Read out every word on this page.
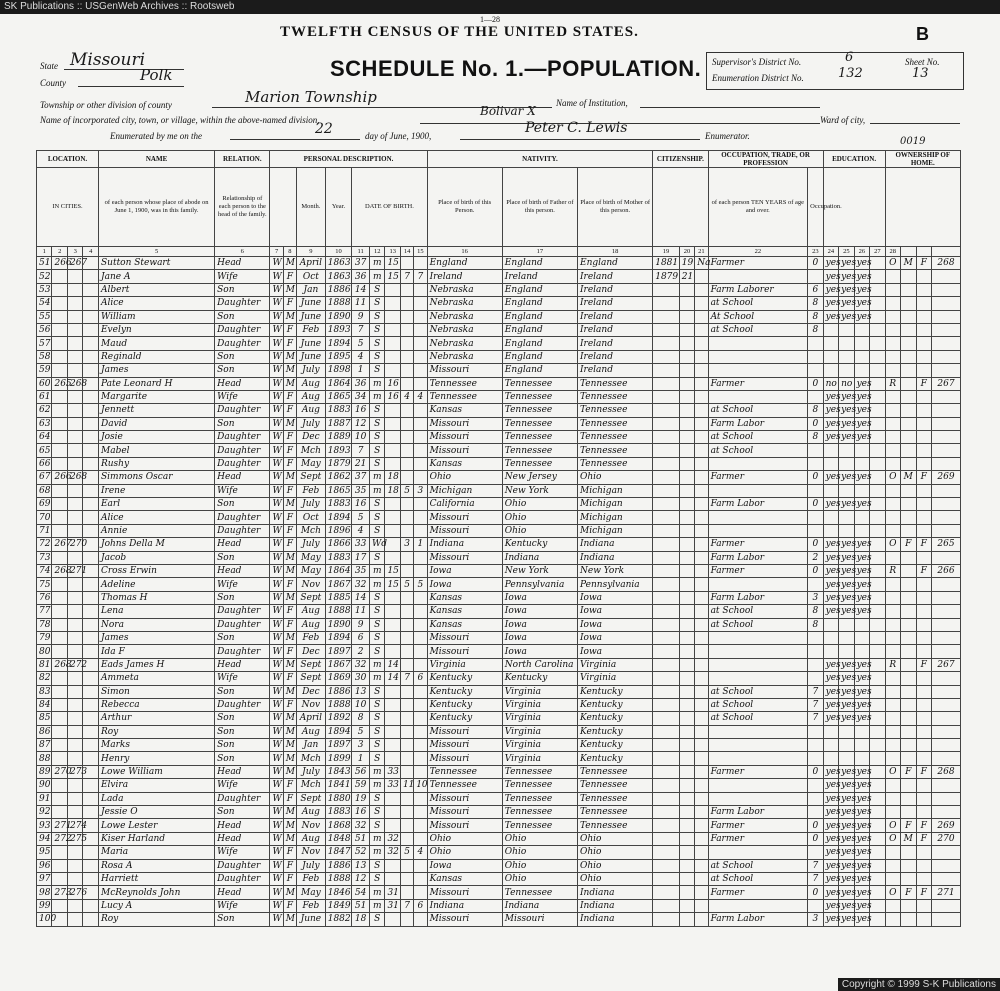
SK Publications :: USGenWeb Archives :: Rootsweb
1—28
TWELFTH CENSUS OF THE UNITED STATES.	B
SCHEDULE No. 1.—POPULATION.
State Missouri
County	Polk
Township or other division of county	Marion Township
Name of incorporated city, town, or village, within the above-named division,
Bolivar X
Name of Institution,
Ward of city,
Enumerated by me on the	22	day of June, 1900,	Peter C. Lewis	Enumerator.	0019
Supervisor's District No.	6
Enumeration District No.	132
Sheet No.
13
LOCATION.				NAME	RELATION.	PERSONAL DESCRIPTION.									NATIVITY.			CITIZENSHIP.			OCCUPATION, TRADE, OR PROFESSION		EDUCATION.				OWNERSHIP OF HOME.			
IN CITIES.				of each person whose place of abode on June 1, 1900, was in this family.	Relationship of each person to the head of the family.			Month.	Year.	DATE OF BIRTH.					Place of birth of this Person.	Place of birth of Father of this person.	Place of birth of Mother of this person.				of each person TEN YEARS of age and over.	Occupation.								
1	2	3	4	5	6	7	8	9	10	11	12	13	14	15	16	17	18	19	20	21	22	23	24	25	26	27	28			
51	266	267		Sutton Stewart	Head	W	M	April	1863	37	m	15			England	England	England	1881	19	Na	Farmer	0	yes	yes	yes		O	M	F	268
52				Jane A	Wife	W	F	Oct	1863	36	m	15	7	7	Ireland	Ireland	Ireland	1879	21				yes	yes	yes					
53				Albert	Son	W	M	Jan	1886	14	S				Nebraska	England	Ireland				Farm Laborer	6	yes	yes	yes					
54				Alice	Daughter	W	F	June	1888	11	S				Nebraska	England	Ireland				at School	8	yes	yes	yes					
55				William	Son	W	M	June	1890	9	S				Nebraska	England	Ireland				At School	8	yes	yes	yes					
56				Evelyn	Daughter	W	F	Feb	1893	7	S				Nebraska	England	Ireland				at School	8								
57				Maud	Daughter	W	F	June	1894	5	S				Nebraska	England	Ireland													
58				Reginald	Son	W	M	June	1895	4	S				Nebraska	England	Ireland													
59				James	Son	W	M	July	1898	1	S				Missouri	England	Ireland													
60	265	268		Pate Leonard H	Head	W	M	Aug	1864	36	m	16			Tennessee	Tennessee	Tennessee				Farmer	0	no	no	yes		R		F	267
61				Margarite	Wife	W	F	Aug	1865	34	m	16	4	4	Tennessee	Tennessee	Tennessee						yes	yes	yes					
62				Jennett	Daughter	W	F	Aug	1883	16	S				Kansas	Tennessee	Tennessee				at School	8	yes	yes	yes					
63				David	Son	W	M	July	1887	12	S				Missouri	Tennessee	Tennessee				Farm Labor	0	yes	yes	yes					
64				Josie	Daughter	W	F	Dec	1889	10	S				Missouri	Tennessee	Tennessee				at School	8	yes	yes	yes					
65				Mabel	Daughter	W	F	Mch	1893	7	S				Missouri	Tennessee	Tennessee				at School									
66				Rushy	Daughter	W	F	May	1879	21	S				Kansas	Tennessee	Tennessee													
67	266	268		Simmons Oscar	Head	W	M	Sept	1862	37	m	18			Ohio	New Jersey	Ohio				Farmer	0	yes	yes	yes		O	M	F	269
68				Irene	Wife	W	F	Feb	1865	35	m	18	5	3	Michigan	New York	Michigan													
69				Earl	Son	W	M	July	1883	16	S				California	Ohio	Michigan				Farm Labor	0	yes	yes	yes					
70				Alice	Daughter	W	F	Oct	1894	5	S				Missouri	Ohio	Michigan													
71				Annie	Daughter	W	F	Mch	1896	4	S				Missouri	Ohio	Michigan													
72	267	270		Johns Della M	Head	W	F	July	1866	33	Wd		3	1	Indiana	Kentucky	Indiana				Farmer	0	yes	yes	yes		O	F	F	265
73				Jacob	Son	W	M	May	1883	17	S				Missouri	Indiana	Indiana				Farm Labor	2	yes	yes	yes					
74	268	271		Cross Erwin	Head	W	M	May	1864	35	m	15			Iowa	New York	New York				Farmer	0	yes	yes	yes		R		F	266
75				Adeline	Wife	W	F	Nov	1867	32	m	15	5	5	Iowa	Pennsylvania	Pennsylvania						yes	yes	yes					
76				Thomas H	Son	W	M	Sept	1885	14	S				Kansas	Iowa	Iowa				Farm Labor	3	yes	yes	yes					
77				Lena	Daughter	W	F	Aug	1888	11	S				Kansas	Iowa	Iowa				at School	8	yes	yes	yes					
78				Nora	Daughter	W	F	Aug	1890	9	S				Kansas	Iowa	Iowa				at School	8								
79				James	Son	W	M	Feb	1894	6	S				Missouri	Iowa	Iowa													
80				Ida F	Daughter	W	F	Dec	1897	2	S				Missouri	Iowa	Iowa													
81	268	272		Eads James H	Head	W	M	Sept	1867	32	m	14			Virginia	North Carolina	Virginia						yes	yes	yes		R		F	267
82				Ammeta	Wife	W	F	Sept	1869	30	m	14	7	6	Kentucky	Kentucky	Virginia						yes	yes	yes					
83				Simon	Son	W	M	Dec	1886	13	S				Kentucky	Virginia	Kentucky				at School	7	yes	yes	yes					
84				Rebecca	Daughter	W	F	Nov	1888	10	S				Kentucky	Virginia	Kentucky				at School	7	yes	yes	yes					
85				Arthur	Son	W	M	April	1892	8	S				Kentucky	Virginia	Kentucky				at School	7	yes	yes	yes					
86				Roy	Son	W	M	Aug	1894	5	S				Missouri	Virginia	Kentucky													
87				Marks	Son	W	M	Jan	1897	3	S				Missouri	Virginia	Kentucky													
88				Henry	Son	W	M	Mch	1899	1	S				Missouri	Virginia	Kentucky													
89	270	273		Lowe William	Head	W	M	July	1843	56	m	33			Tennessee	Tennessee	Tennessee				Farmer	0	yes	yes	yes		O	F	F	268
90				Elvira	Wife	W	F	Mch	1841	59	m	33	11	10	Tennessee	Tennessee	Tennessee						yes	yes	yes					
91				Lada	Daughter	W	F	Sept	1880	19	S				Missouri	Tennessee	Tennessee						yes	yes	yes					
92				Jessie O	Son	W	M	Aug	1883	16	S				Missouri	Tennessee	Tennessee				Farm Labor		yes	yes	yes					
93	271	274		Lowe Lester	Head	W	M	Nov	1868	32	S				Missouri	Tennessee	Tennessee				Farmer	0	yes	yes	yes		O	F	F	269
94	272	275		Kiser Harland	Head	W	M	Aug	1848	51	m	32			Ohio	Ohio	Ohio				Farmer	0	yes	yes	yes		O	M	F	270
95				Maria	Wife	W	F	Nov	1847	52	m	32	5	4	Ohio	Ohio	Ohio						yes	yes	yes					
96				Rosa A	Daughter	W	F	July	1886	13	S				Iowa	Ohio	Ohio				at School	7	yes	yes	yes					
97				Harriett	Daughter	W	F	Feb	1888	12	S				Kansas	Ohio	Ohio				at School	7	yes	yes	yes					
98	273	276		McReynolds John	Head	W	M	May	1846	54	m	31			Missouri	Tennessee	Indiana				Farmer	0	yes	yes	yes		O	F	F	271
99				Lucy A	Wife	W	F	Feb	1849	51	m	31	7	6	Indiana	Indiana	Indiana						yes	yes	yes					
100				Roy	Son	W	M	June	1882	18	S				Missouri	Missouri	Indiana				Farm Labor	3	yes	yes	yes					
Copyright © 1999 S-K Publications
